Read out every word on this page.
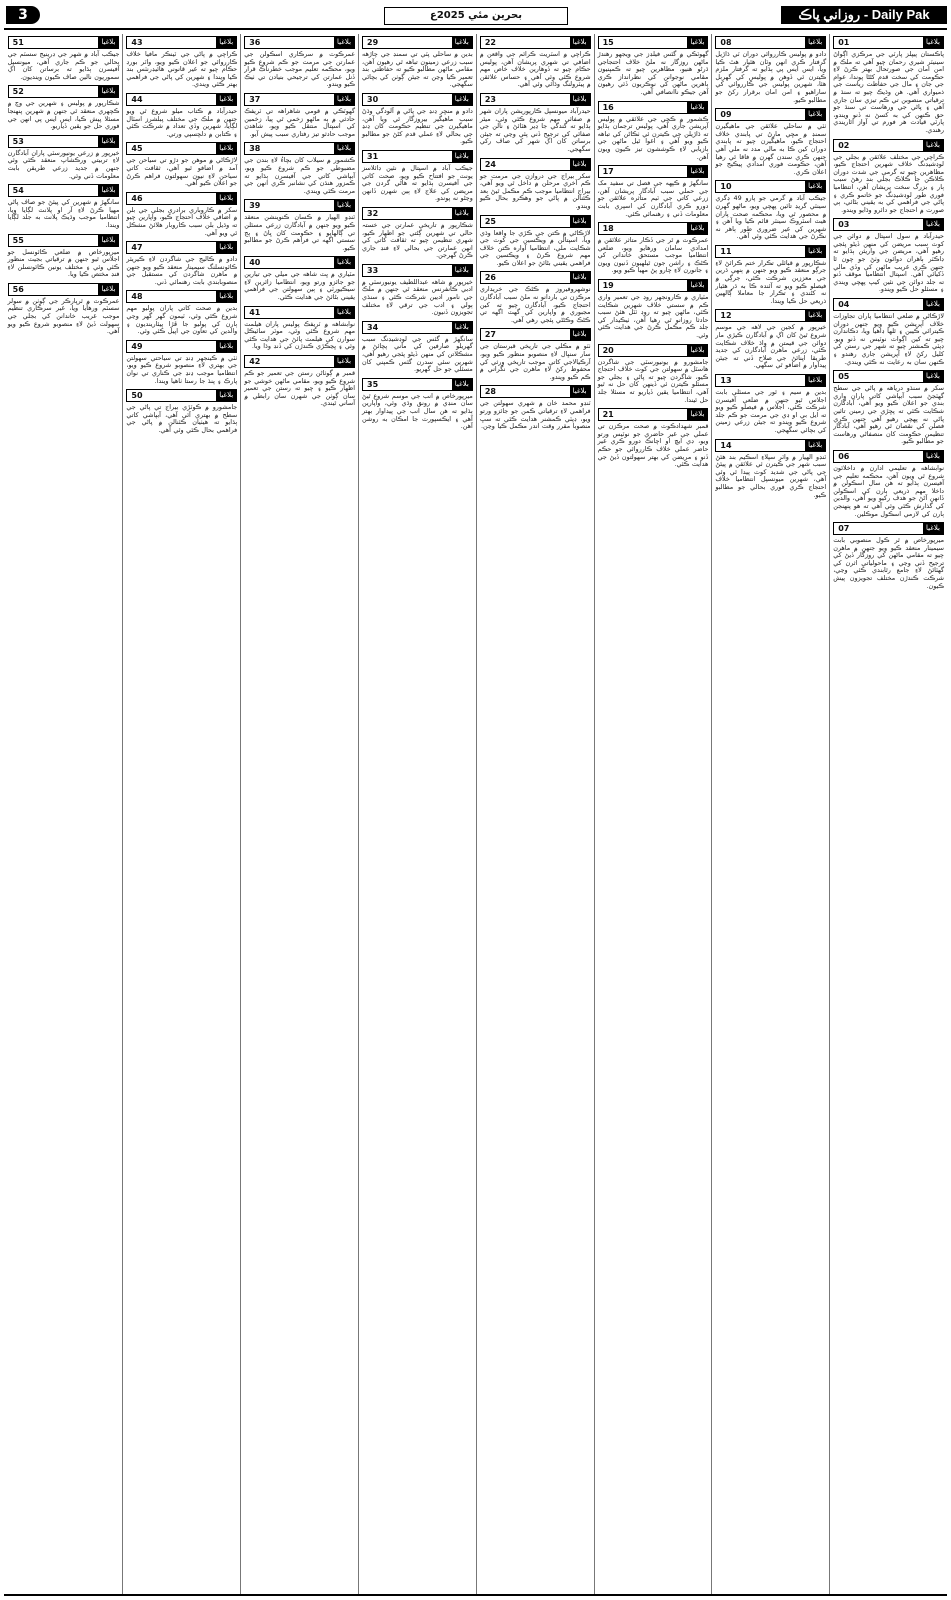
3	بحرین مئي 2025ع	روزاني پاڪ - Daily Pak
بلاغيا
01
پاڪستان پيپلز پارٽي جي مرڪزي اڳواڻ سينيٽر شيري رحمان چيو آهي ته ملڪ ۾ امن امان جي صورتحال بهتر ڪرڻ لاءِ حڪومت کي سخت قدم کڻڻا پوندا، عوام جي جان ۽ مال جي حفاظت رياست جي ذميواري آهي. هن وڌيڪ چيو ته سنڌ ۾ ترقياتي منصوبن تي ڪم تيزي سان جاري آهي ۽ پاڻي جي ورهاست تي سنڌ جو حق ڪنهن کي به کسڻ نه ڏنو ويندو، پارٽي قيادت هر فورم تي آواز اٿاريندي رهندي.
بلاغيا
02
ڪراچي جي مختلف علائقن ۾ بجلي جي لوڊشيڊنگ خلاف شهرين احتجاج ڪيو، مظاهرين چيو ته گرمي جي شدت دوران ڪلاڪن جا ڪلاڪ بجلي بند رهڻ سبب ٻار ۽ بزرگ سخت پريشان آهن، انتظاميا فوري طور لوڊشيڊنگ جو خاتمو ڪري ۽ پاڻي جي فراهمي کي به يقيني بڻائي، ٻي صورت ۾ احتجاج جو دائرو وڌايو ويندو.
بلاغيا
03
حيدرآباد ۾ سول اسپتال ۾ دوائن جي کوٽ سبب مريضن کي منهن ڏيڻو پئجي رهيو آهي، مريضن جي واريثن ٻڌايو ته ڊاڪٽر ٻاهران دوائون وٺڻ جو چون ٿا جنهن ڪري غريب ماڻهن کي وڏي مالي ڏکيائي آهي. اسپتال انتظاميا موقف ڏنو ته جلد دوائن جي نئين کيپ پهچي ويندي ۽ مسئلو حل ڪيو ويندو.
بلاغيا
04
لاڙڪاڻي ۾ ضلعي انتظاميا پاران تجاوزات خلاف آپريشن ڪيو ويو جنهن دوران ڪيترائي ڪيبن ۽ ٿلها ڊاهيا ويا، دڪاندارن چيو ته کين اڳواٽ نوٽيس نه ڏنو ويو. ڊپٽي ڪمشنر چيو ته شهر جي رستن کي کليل رکڻ لاءِ آپريشن جاري رهندو ۽ ڪنهن سان به رعايت نه ڪئي ويندي.
بلاغيا
05
سکر ۾ سنڌو درياهه ۾ پاڻي جي سطح گهٽجڻ سبب آبپاشي کاتي پاران واري بندي جو اعلان ڪيو ويو آهي، آبادگارن شڪايت ڪئي ته پڇڙي جي زمينن تائين پاڻي نه پهچي رهيو آهي جنهن ڪري فصلن کي نقصان ٿي رهيو آهي، آبادگار تنظيمن حڪومت کان منصفاڻي ورهاست جو مطالبو ڪيو.
بلاغيا
06
نوابشاهه ۾ تعليمي ادارن ۾ داخلائون شروع ٿي ويون آهن، محڪمه تعليم جي آفيسرن ٻڌايو ته هن سال اسڪولن ۾ داخلا مهم ذريعي ٻارن کي اسڪولن ڏانهن آڻڻ جو هدف رکيو ويو آهي، والدين کي گذارش ڪئي وئي آهي ته هو پنهنجن ٻارن کي لازمي اسڪول موڪلين.
بلاغيا
07
ميرپورخاص ۾ ٿر ڪول منصوبي بابت سيمينار منعقد ڪيو ويو جنهن ۾ ماهرن چيو ته مقامي ماڻهن کي روزگار ڏيڻ کي ترجيح ڏني وڃي ۽ ماحولياتي اثرن کي گهٽائڻ لاءِ جامع رٿابندي ڪئي وڃي، شرڪت ڪندڙن مختلف تجويزون پيش ڪيون.
بلاغيا
08
دادو ۾ پوليس ڪارروائي دوران ٽي ڌاڙيل گرفتار ڪري انهن وٽان هٿيار هٿ ڪيا ويا، ايس ايس پي ٻڌايو ته گرفتار ملزم ڪيترن ئي ڏوهن ۾ پوليس کي گهربل هئا، شهرين پوليس جي ڪارروائي کي ساراهيو ۽ امن امان برقرار رکڻ جو مطالبو ڪيو.
بلاغيا
09
ٺٽي ۾ ساحلي علائقن جي ماهيگيرن سمنڊ ۾ مڇي مارڻ تي پابندي خلاف احتجاج ڪيو، ماهيگيرن چيو ته پابندي دوران کين ڪا به مالي مدد نه ملي آهي جنهن ڪري سندن گهرن ۾ فاقا ٿي رهيا آهن، حڪومت فوري امدادي پيڪيج جو اعلان ڪري.
بلاغيا
10
جيڪب آباد ۾ گرمي جو پارو 49 ڊگري سينٽي گريڊ تائين پهچي ويو، ماڻهو گهرن ۾ محصور ٿي ويا، محڪمه صحت پاران هيٽ اسٽروڪ سينٽر قائم ڪيا ويا آهن ۽ شهرين کي غير ضروري طور ٻاهر نه نڪرڻ جي هدايت ڪئي وئي آهي.
بلاغيا
11
شڪارپور ۾ قبائلي تڪرار ختم ڪرائڻ لاءِ جرڳو منعقد ڪيو ويو جنهن ۾ ٻنهي ڌرين جي معززين شرڪت ڪئي، جرڳي ۾ فيصلو ڪيو ويو ته آئنده ڪا به ڌر هٿيار نه کڻندي ۽ تڪرار جا معاملا ڳالهين ذريعي حل ڪيا ويندا.
بلاغيا
12
خيرپور ۾ کجين جي لاهه جي موسم شروع ٿيڻ کان اڳ ۾ آبادگارن ڪيڙي مار دوائن جي قيمتن ۾ واڌ خلاف شڪايت ڪئي، زرعي ماهرن آبادگارن کي جديد طريقا اپنائڻ جي صلاح ڏني ته جيئن پيداوار ۾ اضافو ٿي سگهي.
بلاغيا
13
بدين ۾ سيم ۽ ٿور جي مسئلي بابت اجلاس ٿيو جنهن ۾ ضلعي آفيسرن شرڪت ڪئي، اجلاس ۾ فيصلو ڪيو ويو ته ايل بي او ڊي جي مرمت جو ڪم جلد شروع ڪيو ويندو ته جيئن زرعي زمينن کي بچائي سگهجي.
بلاغيا
14
ٽنڊو الهيار ۾ واٽر سپلاءِ اسڪيم بند هئڻ سبب شهر جي ڪيترن ئي علائقن ۾ پيئڻ جي پاڻي جي شديد کوٽ پيدا ٿي وئي آهي، شهرين ميونسپل انتظاميا خلاف احتجاج ڪري فوري بحالي جو مطالبو ڪيو.
بلاغيا
15
گهوٽڪي ۾ گئس فيلڊز جي ويجهو رهندڙ ماڻهن روزگار نه ملڻ خلاف احتجاجي ڌرڻو هنيو، مظاهرين چيو ته ڪمپنيون مقامي نوجوانن کي نظرانداز ڪري ٻاهرين ماڻهن کي نوڪريون ڏئي رهيون آهن جيڪو ناانصافي آهي.
بلاغيا
16
ڪشمور ۾ ڪچي جي علائقي ۾ پوليس آپريشن جاري آهي، پوليس ترجمان ٻڌايو ته ڌاڙيلن جي ڪيترن ئي ٺڪاڻن کي تباهه ڪيو ويو آهي ۽ اغوا ٿيل ماڻهن جي بازيابي لاءِ ڪوششون تيز ڪيون ويون آهن.
بلاغيا
17
سانگهڙ ۾ ڪپهه جي فصل تي سفيد مک جي حملي سبب آبادگار پريشان آهن، زرعي کاتي جي ٽيم متاثره علائقن جو دورو ڪري آبادگارن کي اسپري بابت معلومات ڏني ۽ رهنمائي ڪئي.
بلاغيا
18
عمرڪوٽ ۾ ٿر جي ڏڪار متاثر علائقن ۾ امدادي سامان ورهايو ويو، ضلعي انتظاميا موجب مستحق خاندانن کي ڪڻڪ ۽ راشن جون ٿيلهيون ڏنيون ويون ۽ جانورن لاءِ چارو پڻ مهيا ڪيو ويو.
بلاغيا
19
مٽياري ۾ ڪارونجھر روڊ جي تعمير واري ڪم ۾ سستي خلاف شهرين شڪايت ڪئي، ماڻهن چيو ته روڊ ٽٽل هئڻ سبب حادثا روزانو ٿي رهيا آهن، ٺيڪيدار کي جلد ڪم مڪمل ڪرڻ جي هدايت ڪئي وئي.
بلاغيا
20
جامشورو ۾ يونيورسٽي جي شاگردن هاسٽل ۾ سهولتن جي کوٽ خلاف احتجاج ڪيو، شاگردن چيو ته پاڻي ۽ بجلي جو مسئلو ڪيترن ئي ڏينهن کان حل نه ٿيو آهي، انتظاميا يقين ڏياريو ته مسئلا جلد حل ٿيندا.
بلاغيا
21
قمبر شهدادڪوٽ ۾ صحت مرڪزن تي عملي جي غير حاضري جو نوٽيس ورتو ويو، ڊي ايڇ او اچانڪ دورو ڪري غير حاضر عملي خلاف ڪارروائي جو حڪم ڏنو ۽ مريضن کي بهتر سهولتون ڏيڻ جي هدايت ڪئي.
بلاغيا
22
ڪراچي ۾ اسٽريٽ ڪرائم جي واقعن ۾ اضافي تي شهري پريشان آهن، پوليس حڪام چيو ته ڏوهارين خلاف خاص مهم شروع ڪئي وئي آهي ۽ حساس علائقن ۾ پيٽرولنگ وڌائي وئي آهي.
بلاغيا
23
حيدرآباد ميونسپل ڪارپوريشن پاران شهر ۾ صفائي مهم شروع ڪئي وئي، ميئر ٻڌايو ته گندگي جا ڍير هٽائڻ ۽ نالن جي صفائي کي ترجيح ڏني پئي وڃي ته جيئن برساتن کان اڳ شهر کي صاف رکي سگهجي.
بلاغيا
24
سکر بيراج جي دروازن جي مرمت جو ڪم آخري مرحلن ۾ داخل ٿي ويو آهي، بيراج انتظاميا موجب ڪم مڪمل ٿيڻ بعد ڪئنالن ۾ پاڻي جو وهڪرو بحال ڪيو ويندو.
بلاغيا
25
لاڙڪاڻي ۾ ڪتن جي ڪڙي جا واقعا وڌي ويا، اسپتالن ۾ ويڪسين جي کوٽ جي شڪايت ملي، انتظاميا آواره ڪتن خلاف مهم شروع ڪرڻ ۽ ويڪسين جي فراهمي يقيني بڻائڻ جو اعلان ڪيو.
بلاغيا
26
نوشهروفيروز ۾ ڪڻڪ جي خريداري مرڪزن تي باردانو نه ملڻ سبب آبادگارن احتجاج ڪيو، آبادگارن چيو ته کين مجبوري ۾ واپارين کي گهٽ اگهه تي ڪڻڪ وڪڻڻي پئجي رهي آهي.
بلاغيا
27
ٺٽو ۾ مڪلي جي تاريخي قبرستان جي سار سنڀال لاءِ منصوبو منظور ڪيو ويو، آرڪيالاجي کاتي موجب تاريخي ورثي کي محفوظ رکڻ لاءِ ماهرن جي نگراني ۾ ڪم ڪيو ويندو.
بلاغيا
28
ٽنڊو محمد خان ۾ شهري سهولتن جي فراهمي لاءِ ترقياتي ڪمن جو جائزو ورتو ويو، ڊپٽي ڪمشنر هدايت ڪئي ته سڀ منصوبا مقرر وقت اندر مڪمل ڪيا وڃن.
بلاغيا
29
بدين ۾ ساحلي پٽي تي سمنڊ جي چاڙهه سبب زرعي زمينون تباهه ٿي رهيون آهن، مقامي ماڻهن مطالبو ڪيو ته حفاظتي بند تعمير ڪيا وڃن ته جيئن ڳوٺن کي بچائي سگهجي.
بلاغيا
30
دادو ۾ منڇر ڍنڍ جي پاڻي ۾ آلودگي وڌڻ سبب ماهيگير بيروزگار ٿي ويا آهن، ماهيگيرن جي تنظيم حڪومت کان ڍنڍ جي بحالي لاءِ عملي قدم کڻڻ جو مطالبو ڪيو.
بلاغيا
31
جيڪب آباد ۾ اسپتال ۾ نئين ڊائلاسز يونٽ جو افتتاح ڪيو ويو، صحت کاتي جي آفيسرن ٻڌايو ته هاڻي گردن جي مريضن کي علاج لاءِ ٻين شهرن ڏانهن وڃڻو نه پوندو.
بلاغيا
32
شڪارپور ۾ تاريخي عمارتن جي خستہ حالي تي شهرين ڳڻتي جو اظهار ڪيو، شهري تنظيمن چيو ته ثقافت کاتي کي انهن عمارتن جي بحالي لاءِ فنڊ جاري ڪرڻ گهرجن.
بلاغيا
33
خيرپور ۾ شاهه عبداللطيف يونيورسٽي ۾ ادبي ڪانفرنس منعقد ٿي جنهن ۾ ملڪ جي نامور اديبن شرڪت ڪئي ۽ سنڌي ٻولي ۽ ادب جي ترقي لاءِ مختلف تجويزون ڏنيون.
بلاغيا
34
سانگهڙ ۾ گئس جي لوڊشيڊنگ سبب گهريلو صارفين کي ماني پچائڻ ۾ مشڪلاتن کي منهن ڏيڻو پئجي رهيو آهي، شهرين سئي سدرن گئس ڪمپني کان مسئلي جو حل گهريو.
بلاغيا
35
ميرپورخاص ۾ انب جي موسم شروع ٿيڻ سان منڊي ۾ رونق وڌي وئي، واپارين ٻڌايو ته هن سال انب جي پيداوار بهتر آهي ۽ ايڪسپورٽ جا امڪان به روشن آهن.
بلاغيا
36
عمرڪوٽ ۾ سرڪاري اسڪولن جي عمارتن جي مرمت جو ڪم شروع ڪيو ويو، محڪمه تعليم موجب خطرناڪ قرار ڏنل عمارتن کي ترجيحي بنيادن تي ٺيڪ ڪيو ويندو.
بلاغيا
37
گهوٽڪي ۾ قومي شاهراهه تي ٽريفڪ حادثي ۾ ٻه ماڻهو زخمي ٿي پيا، زخمين کي اسپتال منتقل ڪيو ويو، شاهدن موجب حادثو تيز رفتاري سبب پيش آيو.
بلاغيا
38
ڪشمور ۾ سيلاب کان بچاءُ لاءِ بندن جي مضبوطي جو ڪم شروع ڪيو ويو، آبپاشي کاتي جي آفيسرن ٻڌايو ته ڪمزور هنڌن کي نشانبر ڪري انهن جي مرمت ڪئي ويندي.
بلاغيا
39
ٽنڊو الهيار ۾ ڪسان ڪنوينشن منعقد ڪيو ويو جنهن ۾ آبادگارن زرعي مسئلن تي ڳالهايو ۽ حڪومت کان ڀاڻ ۽ ٻج سستي اگهه تي فراهم ڪرڻ جو مطالبو ڪيو.
بلاغيا
40
مٽياري ۾ ڀٽ شاهه جي ميلي جي تيارين جو جائزو ورتو ويو، انتظاميا زائرين لاءِ سيڪيورٽي ۽ ٻين سهولتن جي فراهمي يقيني بڻائڻ جي هدايت ڪئي.
بلاغيا
41
نوابشاهه ۾ ٽريفڪ پوليس پاران هيلمٽ مهم شروع ڪئي وئي، موٽر سائيڪل سوارن کي هيلمٽ پائڻ جي هدايت ڪئي وئي ۽ ڀڃڪڙي ڪندڙن کي ڏنڊ وڌا ويا.
بلاغيا
42
قمبر ۾ ڳوٺاڻن رستن جي تعمير جو ڪم شروع ڪيو ويو، مقامي ماڻهن خوشي جو اظهار ڪيو ۽ چيو ته رستن جي تعمير سان ڳوٺن جي شهرن سان رابطي ۾ آساني ٿيندي.
بلاغيا
43
ڪراچي ۾ پاڻي جي ٽينڪر مافيا خلاف ڪارروائي جو اعلان ڪيو ويو، واٽر بورڊ حڪام چيو ته غير قانوني هائيڊرنٽس بند ڪيا ويندا ۽ شهرين کي پاڻي جي فراهمي بهتر ڪئي ويندي.
بلاغيا
44
حيدرآباد ۾ ڪتاب ميلو شروع ٿي ويو جنهن ۾ ملڪ جي مختلف پبلشرز اسٽال لڳايا، شهرين وڏي تعداد ۾ شرڪت ڪئي ۽ ڪتابن ۾ دلچسپي ورتي.
بلاغيا
45
لاڙڪاڻي ۾ موهن جو دڙو تي سياحن جي آمد ۾ اضافو ٿيو آهي، ثقافت کاتي سياحن لاءِ نيون سهولتون فراهم ڪرڻ جو اعلان ڪيو آهي.
بلاغيا
46
سکر ۾ ڪاروباري برادري بجلي جي بلن ۾ اضافي خلاف احتجاج ڪيو، واپارين چيو ته وڌيل بلن سبب ڪاروبار هلائڻ مشڪل ٿي ويو آهي.
بلاغيا
47
دادو ۾ ڪاليج جي شاگردن لاءِ ڪيريئر ڪائونسلنگ سيمينار منعقد ڪيو ويو جنهن ۾ ماهرن شاگردن کي مستقبل جي منصوبابندي بابت رهنمائي ڏني.
بلاغيا
48
بدين ۾ صحت کاتي پاران پوليو مهم شروع ڪئي وئي، ٽيمون گهر گهر وڃي ٻارن کي پوليو جا ڦڙا پيئارينديون ۽ والدين کي تعاون جي اپيل ڪئي وئي.
بلاغيا
49
ٺٽي ۾ ڪينجهر ڍنڍ تي سياحتي سهولتن جي بهتري لاءِ منصوبو شروع ڪيو ويو، انتظاميا موجب ڍنڍ جي ڪناري تي نوان پارڪ ۽ پنڌ جا رستا ٺاهيا ويندا.
بلاغيا
50
جامشورو ۾ ڪوٽڙي بيراج تي پاڻي جي سطح ۾ بهتري آئي آهي، آبپاشي کاتي ٻڌايو ته هيٺيان ڪئنالن ۾ پاڻي جي فراهمي بحال ڪئي وئي آهي.
بلاغيا
51
جيڪب آباد ۾ شهر جي ڊرينيج سسٽم جي بحالي جو ڪم جاري آهي، ميونسپل آفيسرن ٻڌايو ته برساتن کان اڳ سموريون نالين صاف ڪيون وينديون.
بلاغيا
52
شڪارپور ۾ پوليس ۽ شهرين جي وچ ۾ ڪچهري منعقد ٿي جنهن ۾ شهرين پنهنجا مسئلا پيش ڪيا، ايس ايس پي انهن جي فوري حل جو يقين ڏياريو.
بلاغيا
53
خيرپور ۾ زرعي يونيورسٽي پاران آبادگارن لاءِ تربيتي ورڪشاپ منعقد ڪئي وئي جنهن ۾ جديد زرعي طريقن بابت معلومات ڏني وئي.
بلاغيا
54
سانگهڙ ۾ شهرين کي پيئڻ جو صاف پاڻي مهيا ڪرڻ لاءِ آر او پلانٽ لڳايا ويا، انتظاميا موجب وڌيڪ پلانٽ به جلد لڳايا ويندا.
بلاغيا
55
ميرپورخاص ۾ ضلعي ڪائونسل جو اجلاس ٿيو جنهن ۾ ترقياتي بجيٽ منظور ڪئي وئي ۽ مختلف يونين ڪائونسلن لاءِ فنڊ مختص ڪيا ويا.
بلاغيا
56
عمرڪوٽ ۾ ٿرپارڪر جي ڳوٺن ۾ سولر سسٽم ورهايا ويا، غير سرڪاري تنظيم موجب غريب خاندانن کي بجلي جي سهولت ڏيڻ لاءِ منصوبو شروع ڪيو ويو آهي.
